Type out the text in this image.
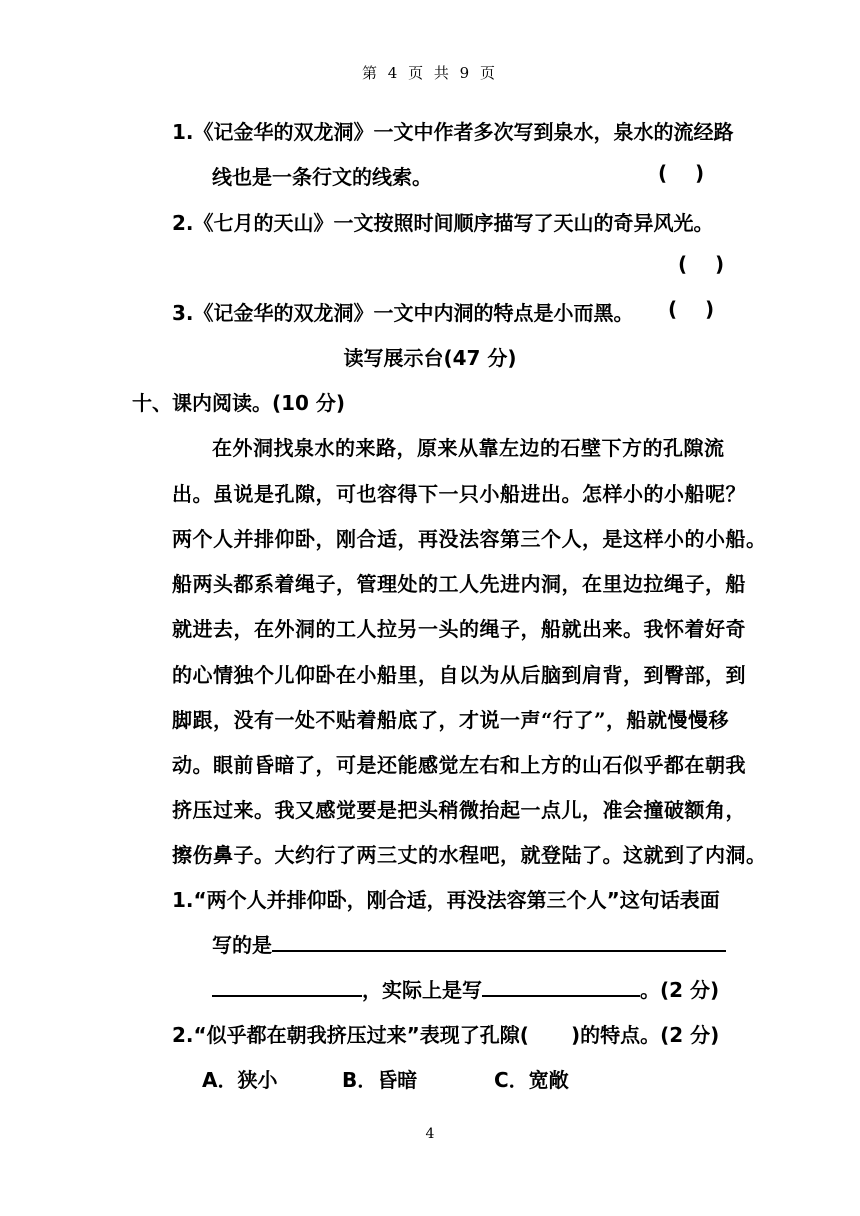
第 4 页 共 9 页
1.《记金华的双龙洞》一文中作者多次写到泉水，泉水的流经路
线也是一条行文的线索。	(    )
2.《七月的天山》一文按照时间顺序描写了天山的奇异风光。
(    )
3.《记金华的双龙洞》一文中内洞的特点是小而黑。 (    )
读写展示台(47 分)
十、课内阅读。(10 分)
在外洞找泉水的来路，原来从靠左边的石壁下方的孔隙流
出。虽说是孔隙，可也容得下一只小船进出。怎样小的小船呢？
两个人并排仰卧，刚合适，再没法容第三个人，是这样小的小船。
船两头都系着绳子，管理处的工人先进内洞，在里边拉绳子，船
就进去，在外洞的工人拉另一头的绳子，船就出来。我怀着好奇
的心情独个儿仰卧在小船里，自以为从后脑到肩背，到臀部，到
脚跟，没有一处不贴着船底了，才说一声“行了”，船就慢慢移
动。眼前昏暗了，可是还能感觉左右和上方的山石似乎都在朝我
挤压过来。我又感觉要是把头稍微抬起一点儿，准会撞破额角，
擦伤鼻子。大约行了两三丈的水程吧，就登陆了。这就到了内洞。
1.“两个人并排仰卧，刚合适，再没法容第三个人”这句话表面
写的是
，实际上是写	。(2 分)
2.“似乎都在朝我挤压过来”表现了孔隙( )的特点。(2 分)
A．狭小	B．昏暗	C．宽敞
4
